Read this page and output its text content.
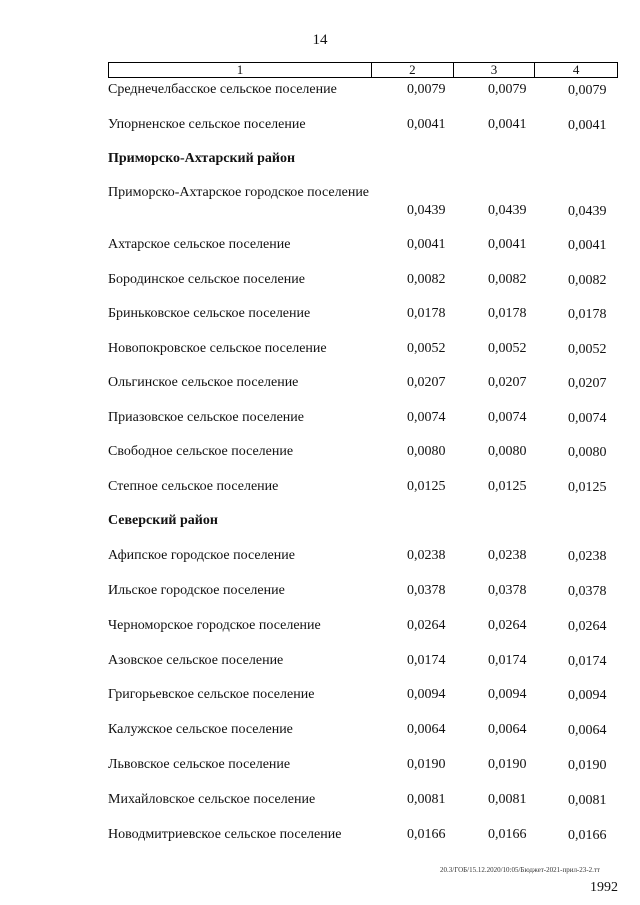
14
1	2	3	4
Среднечелбасское сельское поселение	0,0079	0,0079	0,0079
Упорненское сельское поселение	0,0041	0,0041	0,0041
Приморско-Ахтарский район
Приморско-Ахтарское городское поселение
0,0439	0,0439	0,0439
Ахтарское сельское поселение	0,0041	0,0041	0,0041
Бородинское сельское поселение	0,0082	0,0082	0,0082
Бриньковское сельское поселение	0,0178	0,0178	0,0178
Новопокровское сельское поселение	0,0052	0,0052	0,0052
Ольгинское сельское поселение	0,0207	0,0207	0,0207
Приазовское сельское поселение	0,0074	0,0074	0,0074
Свободное сельское поселение	0,0080	0,0080	0,0080
Степное сельское поселение	0,0125	0,0125	0,0125
Северский район
Афипское городское поселение	0,0238	0,0238	0,0238
Ильское городское поселение	0,0378	0,0378	0,0378
Черноморское городское поселение	0,0264	0,0264	0,0264
Азовское сельское поселение	0,0174	0,0174	0,0174
Григорьевское сельское поселение	0,0094	0,0094	0,0094
Калужское сельское поселение	0,0064	0,0064	0,0064
Львовское сельское поселение	0,0190	0,0190	0,0190
Михайловское сельское поселение	0,0081	0,0081	0,0081
Новодмитриевское сельское поселение	0,0166	0,0166	0,0166
20.3/ГОБ/15.12.2020/10:05/Бюджет-2021-прил-23-2.тт
1992
